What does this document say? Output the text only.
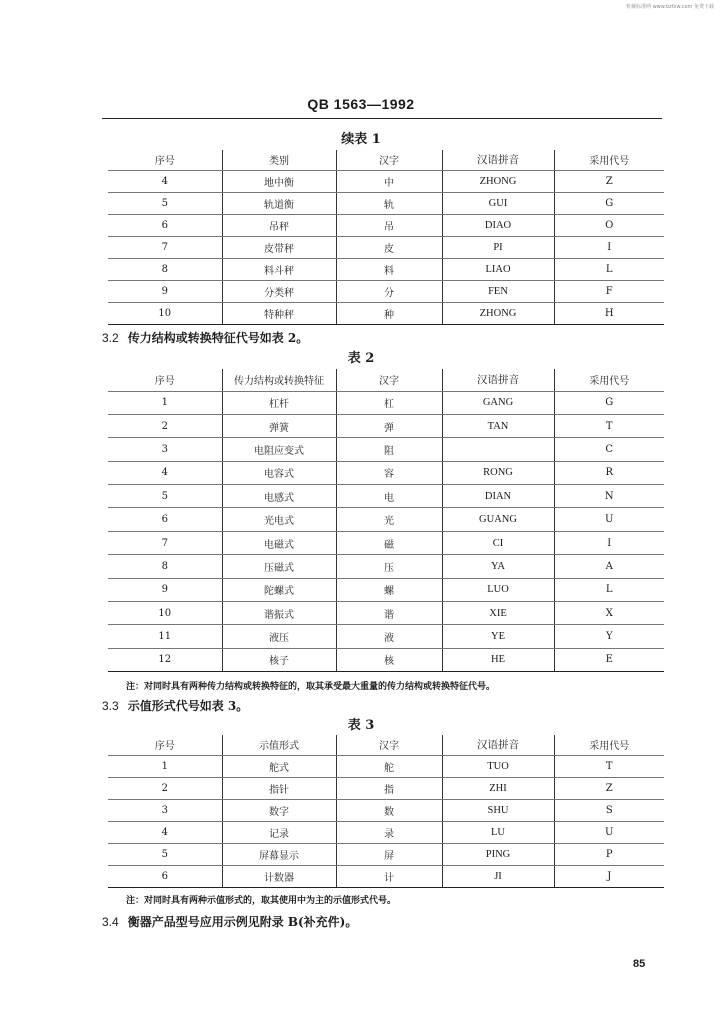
机械标准网 www.bzfxw.com 免费下载
QB 1563—1992
续表 1
序号	类别	汉字	汉语拼音	采用代号
4	地中衡	中	ZHONG	Z
5	轨道衡	轨	GUI	G
6	吊秤	吊	DIAO	O
7	皮带秤	皮	PI	I
8	料斗秤	料	LIAO	L
9	分类秤	分	FEN	F
10	特种秤	种	ZHONG	H
3.2 传力结构或转换特征代号如表 2。
表 2
序号	传力结构或转换特征	汉字	汉语拼音	采用代号
1	杠杆	杠	GANG	G
2	弹簧	弹	TAN	T
3	电阻应变式	阻		C
4	电容式	容	RONG	R
5	电感式	电	DIAN	N
6	光电式	光	GUANG	U
7	电磁式	磁	CI	I
8	压磁式	压	YA	A
9	陀螺式	螺	LUO	L
10	谐振式	谐	XIE	X
11	液压	液	YE	Y
12	核子	核	HE	E
注：对同时具有两种传力结构或转换特征的，取其承受最大重量的传力结构或转换特征代号。
3.3 示值形式代号如表 3。
表 3
序号	示值形式	汉字	汉语拼音	采用代号
1	舵式	舵	TUO	T
2	指针	指	ZHI	Z
3	数字	数	SHU	S
4	记录	录	LU	U
5	屏幕显示	屏	PING	P
6	计数器	计	JI	J
注：对同时具有两种示值形式的，取其使用中为主的示值形式代号。
3.4 衡器产品型号应用示例见附录 B(补充件)。
85
